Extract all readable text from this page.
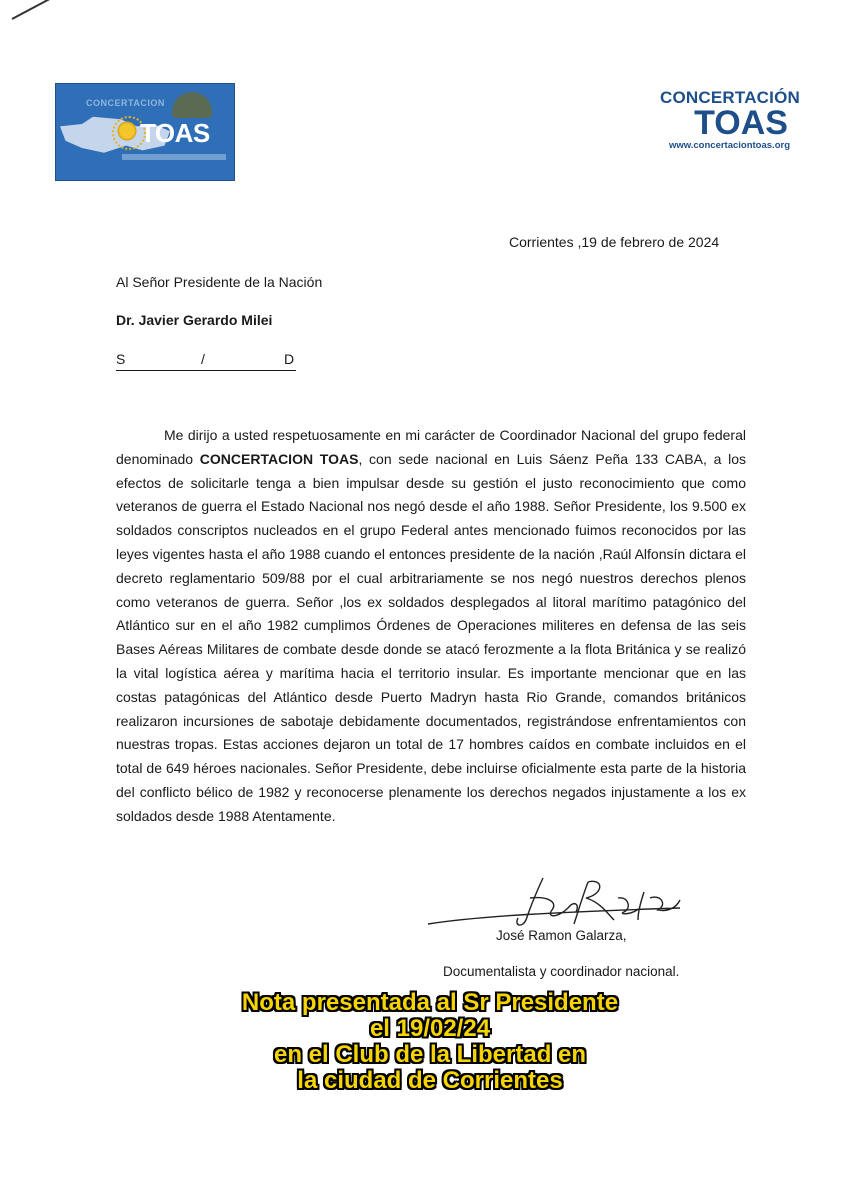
CONCERTACION
TOAS
CONCERTACIÓN
TOAS
www.concertaciontoas.org
Corrientes ,19 de febrero de 2024
Al Señor Presidente de la Nación
Dr. Javier Gerardo Milei
S	/	D
Me dirijo a usted respetuosamente en mi carácter de Coordinador Nacional del grupo federal denominado CONCERTACION TOAS, con sede nacional en Luis Sáenz Peña 133 CABA, a los efectos de solicitarle tenga a bien impulsar desde su gestión el justo reconocimiento que como veteranos de guerra el Estado Nacional nos negó desde el año 1988. Señor Presidente, los 9.500 ex soldados conscriptos nucleados en el grupo Federal antes mencionado fuimos reconocidos por las leyes vigentes hasta el año 1988 cuando el entonces presidente de la nación ,Raúl Alfonsín dictara el decreto reglamentario 509/88 por el cual arbitrariamente se nos negó nuestros derechos plenos como veteranos de guerra. Señor ,los ex soldados desplegados al litoral marítimo patagónico del Atlántico sur en el año 1982 cumplimos Órdenes de Operaciones militeres en defensa de las seis Bases Aéreas Militares de combate desde donde se atacó ferozmente a la flota Británica y se realizó la vital logística aérea y marítima hacia el territorio insular. Es importante mencionar que en las costas patagónicas del Atlántico desde Puerto Madryn hasta Rio Grande, comandos británicos realizaron incursiones de sabotaje debidamente documentados, registrándose enfrentamientos con nuestras tropas. Estas acciones dejaron un total de 17 hombres caídos en combate incluidos en el total de 649 héroes nacionales. Señor Presidente, debe incluirse oficialmente esta parte de la historia del conflicto bélico de 1982 y reconocerse plenamente los derechos negados injustamente a los ex soldados desde 1988 Atentamente.
José Ramon Galarza,
Documentalista y coordinador nacional.
Nota presentada al Sr Presidente
el 19/02/24
en el Club de la Libertad en
la ciudad de Corrientes
